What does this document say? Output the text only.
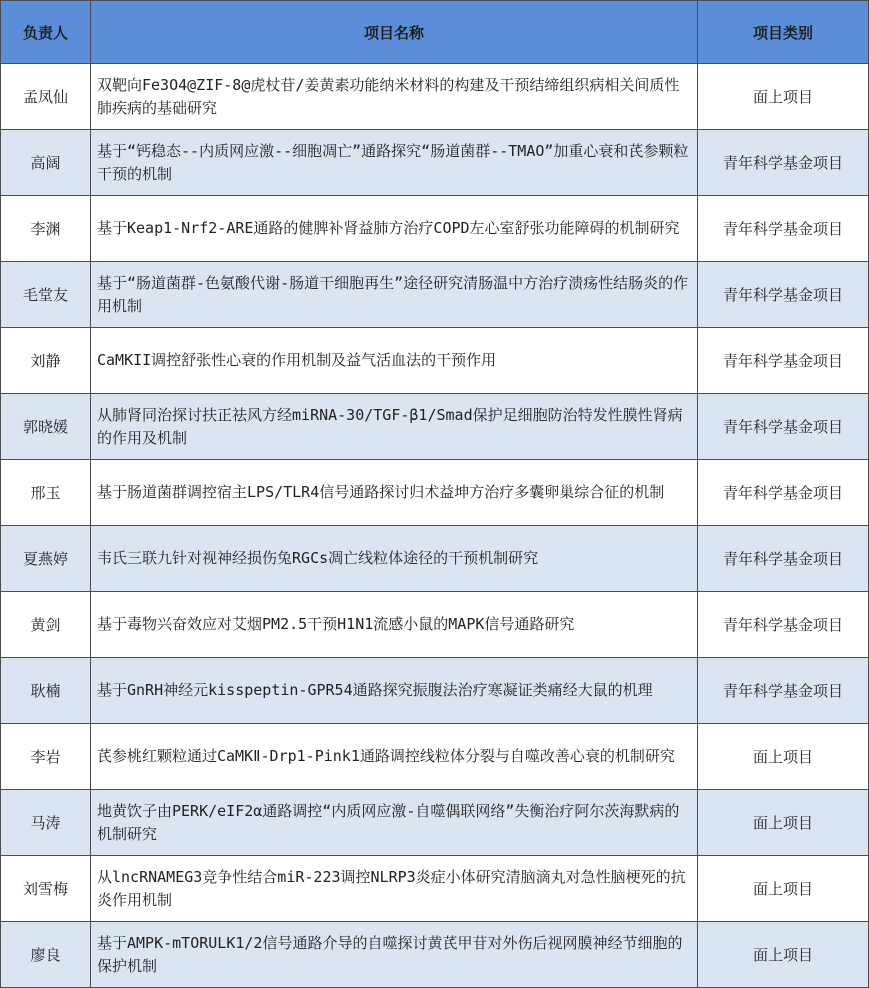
负责人	项目名称	项目类别
孟凤仙	双靶向Fe3O4@ZIF-8@虎杖苷/姜黄素功能纳米材料的构建及干预结缔组织病相关间质性肺疾病的基础研究	面上项目
高阔	基于“钙稳态--内质网应激--细胞凋亡”通路探究“肠道菌群--TMAO”加重心衰和芪参颗粒干预的机制	青年科学基金项目
李渊	基于Keap1-Nrf2-ARE通路的健脾补肾益肺方治疗COPD左心室舒张功能障碍的机制研究	青年科学基金项目
毛堂友	基于“肠道菌群-色氨酸代谢-肠道干细胞再生”途径研究清肠温中方治疗溃疡性结肠炎的作用机制	青年科学基金项目
刘静	CaMKII调控舒张性心衰的作用机制及益气活血法的干预作用	青年科学基金项目
郭晓媛	从肺肾同治探讨扶正祛风方经miRNA-30/TGF-β1/Smad保护足细胞防治特发性膜性肾病的作用及机制	青年科学基金项目
邢玉	基于肠道菌群调控宿主LPS/TLR4信号通路探讨归术益坤方治疗多囊卵巢综合征的机制	青年科学基金项目
夏燕婷	韦氏三联九针对视神经损伤兔RGCs凋亡线粒体途径的干预机制研究	青年科学基金项目
黄剑	基于毒物兴奋效应对艾烟PM2.5干预H1N1流感小鼠的MAPK信号通路研究	青年科学基金项目
耿楠	基于GnRH神经元kisspeptin-GPR54通路探究振腹法治疗寒凝证类痛经大鼠的机理	青年科学基金项目
李岩	芪参桃红颗粒通过CaMKⅡ-Drp1-Pink1通路调控线粒体分裂与自噬改善心衰的机制研究	面上项目
马涛	地黄饮子由PERK/eIF2α通路调控“内质网应激-自噬偶联网络”失衡治疗阿尔茨海默病的机制研究	面上项目
刘雪梅	从lncRNAMEG3竞争性结合miR-223调控NLRP3炎症小体研究清脑滴丸对急性脑梗死的抗炎作用机制	面上项目
廖良	基于AMPK-mTORULK1/2信号通路介导的自噬探讨黄芪甲苷对外伤后视网膜神经节细胞的保护机制	面上项目
